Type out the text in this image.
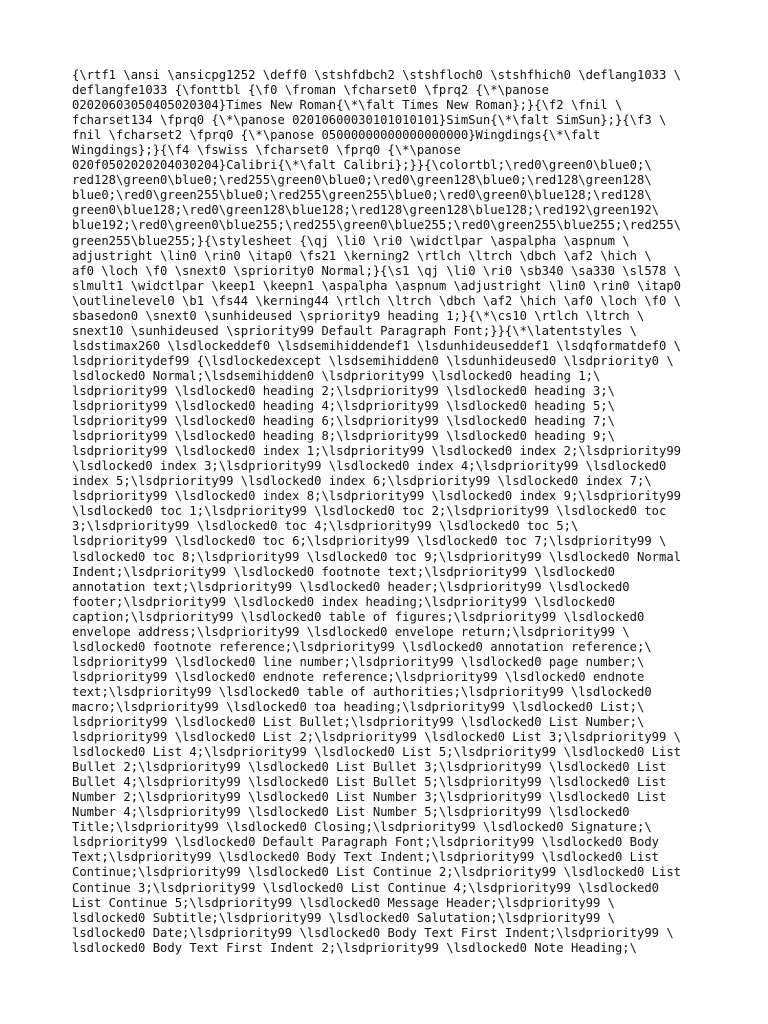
{\rtf1 \ansi \ansicpg1252 \deff0 \stshfdbch2 \stshfloch0 \stshfhich0 \deflang1033 \
deflangfe1033 {\fonttbl {\f0 \froman \fcharset0 \fprq2 {\*\panose
02020603050405020304}Times New Roman{\*\falt Times New Roman};}{\f2 \fnil \
fcharset134 \fprq0 {\*\panose 02010600030101010101}SimSun{\*\falt SimSun};}{\f3 \
fnil \fcharset2 \fprq0 {\*\panose 05000000000000000000}Wingdings{\*\falt
Wingdings};}{\f4 \fswiss \fcharset0 \fprq0 {\*\panose
020f0502020204030204}Calibri{\*\falt Calibri};}}{\colortbl;\red0\green0\blue0;\
red128\green0\blue0;\red255\green0\blue0;\red0\green128\blue0;\red128\green128\
blue0;\red0\green255\blue0;\red255\green255\blue0;\red0\green0\blue128;\red128\
green0\blue128;\red0\green128\blue128;\red128\green128\blue128;\red192\green192\
blue192;\red0\green0\blue255;\red255\green0\blue255;\red0\green255\blue255;\red255\
green255\blue255;}{\stylesheet {\qj \li0 \ri0 \widctlpar \aspalpha \aspnum \
adjustright \lin0 \rin0 \itap0 \fs21 \kerning2 \rtlch \ltrch \dbch \af2 \hich \
af0 \loch \f0 \snext0 \spriority0 Normal;}{\s1 \qj \li0 \ri0 \sb340 \sa330 \sl578 \
slmult1 \widctlpar \keep1 \keepn1 \aspalpha \aspnum \adjustright \lin0 \rin0 \itap0
\outlinelevel0 \b1 \fs44 \kerning44 \rtlch \ltrch \dbch \af2 \hich \af0 \loch \f0 \
sbasedon0 \snext0 \sunhideused \spriority9 heading 1;}{\*\cs10 \rtlch \ltrch \
snext10 \sunhideused \spriority99 Default Paragraph Font;}}{\*\latentstyles \
lsdstimax260 \lsdlockeddef0 \lsdsemihiddendef1 \lsdunhideuseddef1 \lsdqformatdef0 \
lsdprioritydef99 {\lsdlockedexcept \lsdsemihidden0 \lsdunhideused0 \lsdpriority0 \
lsdlocked0 Normal;\lsdsemihidden0 \lsdpriority99 \lsdlocked0 heading 1;\
lsdpriority99 \lsdlocked0 heading 2;\lsdpriority99 \lsdlocked0 heading 3;\
lsdpriority99 \lsdlocked0 heading 4;\lsdpriority99 \lsdlocked0 heading 5;\
lsdpriority99 \lsdlocked0 heading 6;\lsdpriority99 \lsdlocked0 heading 7;\
lsdpriority99 \lsdlocked0 heading 8;\lsdpriority99 \lsdlocked0 heading 9;\
lsdpriority99 \lsdlocked0 index 1;\lsdpriority99 \lsdlocked0 index 2;\lsdpriority99
\lsdlocked0 index 3;\lsdpriority99 \lsdlocked0 index 4;\lsdpriority99 \lsdlocked0
index 5;\lsdpriority99 \lsdlocked0 index 6;\lsdpriority99 \lsdlocked0 index 7;\
lsdpriority99 \lsdlocked0 index 8;\lsdpriority99 \lsdlocked0 index 9;\lsdpriority99
\lsdlocked0 toc 1;\lsdpriority99 \lsdlocked0 toc 2;\lsdpriority99 \lsdlocked0 toc
3;\lsdpriority99 \lsdlocked0 toc 4;\lsdpriority99 \lsdlocked0 toc 5;\
lsdpriority99 \lsdlocked0 toc 6;\lsdpriority99 \lsdlocked0 toc 7;\lsdpriority99 \
lsdlocked0 toc 8;\lsdpriority99 \lsdlocked0 toc 9;\lsdpriority99 \lsdlocked0 Normal
Indent;\lsdpriority99 \lsdlocked0 footnote text;\lsdpriority99 \lsdlocked0
annotation text;\lsdpriority99 \lsdlocked0 header;\lsdpriority99 \lsdlocked0
footer;\lsdpriority99 \lsdlocked0 index heading;\lsdpriority99 \lsdlocked0
caption;\lsdpriority99 \lsdlocked0 table of figures;\lsdpriority99 \lsdlocked0
envelope address;\lsdpriority99 \lsdlocked0 envelope return;\lsdpriority99 \
lsdlocked0 footnote reference;\lsdpriority99 \lsdlocked0 annotation reference;\
lsdpriority99 \lsdlocked0 line number;\lsdpriority99 \lsdlocked0 page number;\
lsdpriority99 \lsdlocked0 endnote reference;\lsdpriority99 \lsdlocked0 endnote
text;\lsdpriority99 \lsdlocked0 table of authorities;\lsdpriority99 \lsdlocked0
macro;\lsdpriority99 \lsdlocked0 toa heading;\lsdpriority99 \lsdlocked0 List;\
lsdpriority99 \lsdlocked0 List Bullet;\lsdpriority99 \lsdlocked0 List Number;\
lsdpriority99 \lsdlocked0 List 2;\lsdpriority99 \lsdlocked0 List 3;\lsdpriority99 \
lsdlocked0 List 4;\lsdpriority99 \lsdlocked0 List 5;\lsdpriority99 \lsdlocked0 List
Bullet 2;\lsdpriority99 \lsdlocked0 List Bullet 3;\lsdpriority99 \lsdlocked0 List
Bullet 4;\lsdpriority99 \lsdlocked0 List Bullet 5;\lsdpriority99 \lsdlocked0 List
Number 2;\lsdpriority99 \lsdlocked0 List Number 3;\lsdpriority99 \lsdlocked0 List
Number 4;\lsdpriority99 \lsdlocked0 List Number 5;\lsdpriority99 \lsdlocked0
Title;\lsdpriority99 \lsdlocked0 Closing;\lsdpriority99 \lsdlocked0 Signature;\
lsdpriority99 \lsdlocked0 Default Paragraph Font;\lsdpriority99 \lsdlocked0 Body
Text;\lsdpriority99 \lsdlocked0 Body Text Indent;\lsdpriority99 \lsdlocked0 List
Continue;\lsdpriority99 \lsdlocked0 List Continue 2;\lsdpriority99 \lsdlocked0 List
Continue 3;\lsdpriority99 \lsdlocked0 List Continue 4;\lsdpriority99 \lsdlocked0
List Continue 5;\lsdpriority99 \lsdlocked0 Message Header;\lsdpriority99 \
lsdlocked0 Subtitle;\lsdpriority99 \lsdlocked0 Salutation;\lsdpriority99 \
lsdlocked0 Date;\lsdpriority99 \lsdlocked0 Body Text First Indent;\lsdpriority99 \
lsdlocked0 Body Text First Indent 2;\lsdpriority99 \lsdlocked0 Note Heading;\
